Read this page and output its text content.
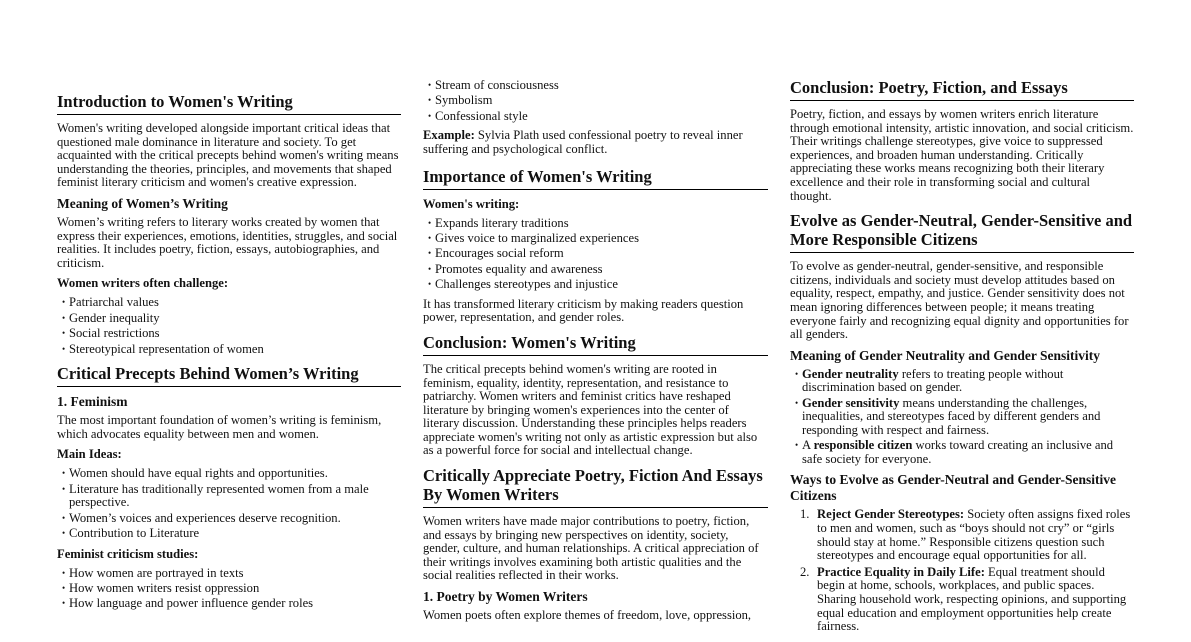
Introduction to Women's Writing

Women's writing developed alongside important critical ideas that questioned male dominance in literature and society. To get acquainted with the critical precepts behind women's writing means understanding the theories, principles, and movements that shaped feminist literary criticism and women's creative expression.

Meaning of Women’s Writing

Women’s writing refers to literary works created by women that express their experiences, emotions, identities, struggles, and social realities. It includes poetry, fiction, essays, autobiographies, and criticism.

Women writers often challenge:
• Patriarchal values
• Gender inequality
• Social restrictions
• Stereotypical representation of women
Critical Precepts Behind Women’s Writing
1. Feminism

The most important foundation of women’s writing is feminism, which advocates equality between men and women.

Main Ideas:
• Women should have equal rights and opportunities.
• Literature has traditionally represented women from a male perspective.
• Women’s voices and experiences deserve recognition.
• Contribution to Literature
Feminist criticism studies:
• How women are portrayed in texts
• How women writers resist oppression
• How language and power influence gender roles
• Stream of consciousness
• Symbolism
• Confessional style

Example: Sylvia Plath used confessional poetry to reveal inner suffering and psychological conflict.

Importance of Women's Writing
Women's writing:
• Expands literary traditions
• Gives voice to marginalized experiences
• Encourages social reform
• Promotes equality and awareness
• Challenges stereotypes and injustice

It has transformed literary criticism by making readers question power, representation, and gender roles.

Conclusion: Women's Writing

The critical precepts behind women's writing are rooted in feminism, equality, identity, representation, and resistance to patriarchy. Women writers and feminist critics have reshaped literature by bringing women's experiences into the center of literary discussion. Understanding these principles helps readers appreciate women's writing not only as artistic expression but also as a powerful force for social and intellectual change.

Critically Appreciate Poetry, Fiction And Essays By Women Writers

Women writers have made major contributions to poetry, fiction, and essays by bringing new perspectives on identity, society, gender, culture, and human relationships. A critical appreciation of their writings involves examining both artistic qualities and the social realities reflected in their works.

1. Poetry by Women Writers

Women poets often explore themes of freedom, love, oppression,

Conclusion: Poetry, Fiction, and Essays

Poetry, fiction, and essays by women writers enrich literature through emotional intensity, artistic innovation, and social criticism. Their writings challenge stereotypes, give voice to suppressed experiences, and broaden human understanding. Critically appreciating these works means recognizing both their literary excellence and their role in transforming social and cultural thought.

Evolve as Gender-Neutral, Gender-Sensitive and More Responsible Citizens

To evolve as gender-neutral, gender-sensitive, and responsible citizens, individuals and society must develop attitudes based on equality, respect, empathy, and justice. Gender sensitivity does not mean ignoring differences between people; it means treating everyone fairly and recognizing equal dignity and opportunities for all genders.

Meaning of Gender Neutrality and Gender Sensitivity
• Gender neutrality refers to treating people without discrimination based on gender.
• Gender sensitivity means understanding the challenges, inequalities, and stereotypes faced by different genders and responding with respect and fairness.
• A responsible citizen works toward creating an inclusive and safe society for everyone.
Ways to Evolve as Gender-Neutral and Gender-Sensitive Citizens
1. Reject Gender Stereotypes: Society often assigns fixed roles to men and women, such as “boys should not cry” or “girls should stay at home.” Responsible citizens question such stereotypes and encourage equal opportunities for all.
2. Practice Equality in Daily Life: Equal treatment should begin at home, schools, workplaces, and public spaces. Sharing household work, respecting opinions, and supporting equal education and employment opportunities help create fairness.
